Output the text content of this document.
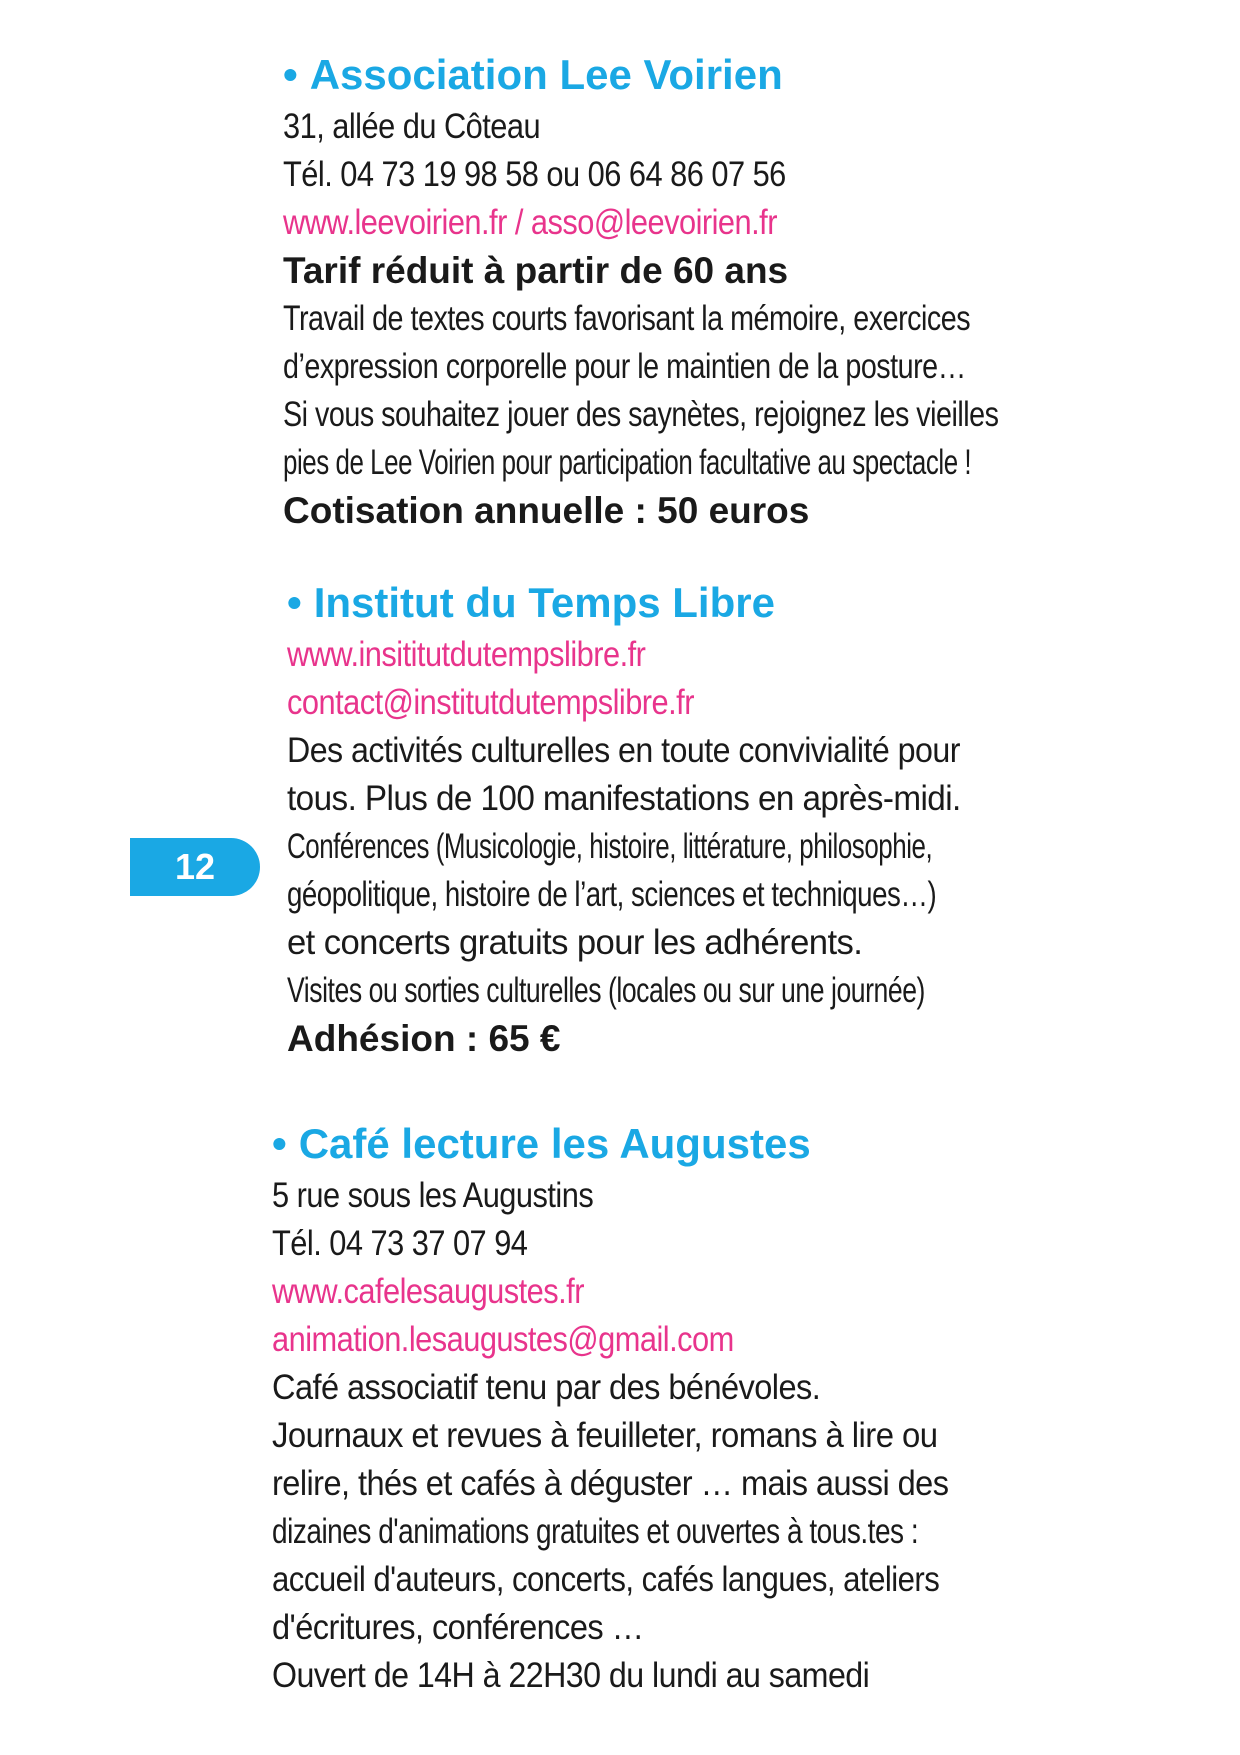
• Association Lee Voirien
31, allée du Côteau
Tél. 04 73 19 98 58 ou 06 64 86 07 56
www.leevoirien.fr / asso@leevoirien.fr
Tarif réduit à partir de 60 ans
Travail de textes courts favorisant la mémoire, exercices
d’expression corporelle pour le maintien de la posture…
Si vous souhaitez jouer des saynètes, rejoignez les vieilles
pies de Lee Voirien pour participation facultative au spectacle !
Cotisation annuelle : 50 euros
• Institut du Temps Libre
www.insititutdutempslibre.fr
contact@institutdutempslibre.fr
Des activités culturelles en toute convivialité pour
tous. Plus de 100 manifestations en après-midi.
Conférences (Musicologie, histoire, littérature, philosophie,
géopolitique, histoire de l’art, sciences et techniques…)
et concerts gratuits pour les adhérents.
Visites ou sorties culturelles (locales ou sur une journée)
Adhésion : 65 €
12
• Café lecture les Augustes
5 rue sous les Augustins
Tél. 04 73 37 07 94
www.cafelesaugustes.fr
animation.lesaugustes@gmail.com
Café associatif tenu par des bénévoles.
Journaux et revues à feuilleter, romans à lire ou
relire, thés et cafés à déguster … mais aussi des
dizaines d'animations gratuites et ouvertes à tous.tes :
accueil d'auteurs, concerts, cafés langues, ateliers
d'écritures, conférences …
Ouvert de 14H à 22H30 du lundi au samedi
